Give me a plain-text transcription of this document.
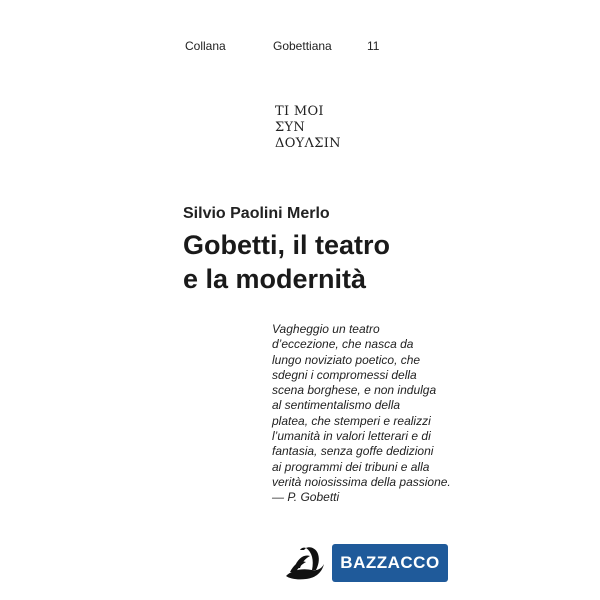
Collana	Gobettiana	11
ΤΙ ΜΟΙ
ΣΥΝ
ΔΟΥΛΣΙΝ
Silvio Paolini Merlo
Gobetti, il teatro
e la modernità
Vagheggio un teatro
d’eccezione, che nasca da
lungo noviziato poetico, che
sdegni i compromessi della
scena borghese, e non indulga
al sentimentalismo della
platea, che stemperi e realizzi
l’umanità in valori letterari e di
fantasia, senza goffe dedizioni
ai programmi dei tribuni e alla
verità noiosissima della passione.
— P. Gobetti
BAZZACCO
